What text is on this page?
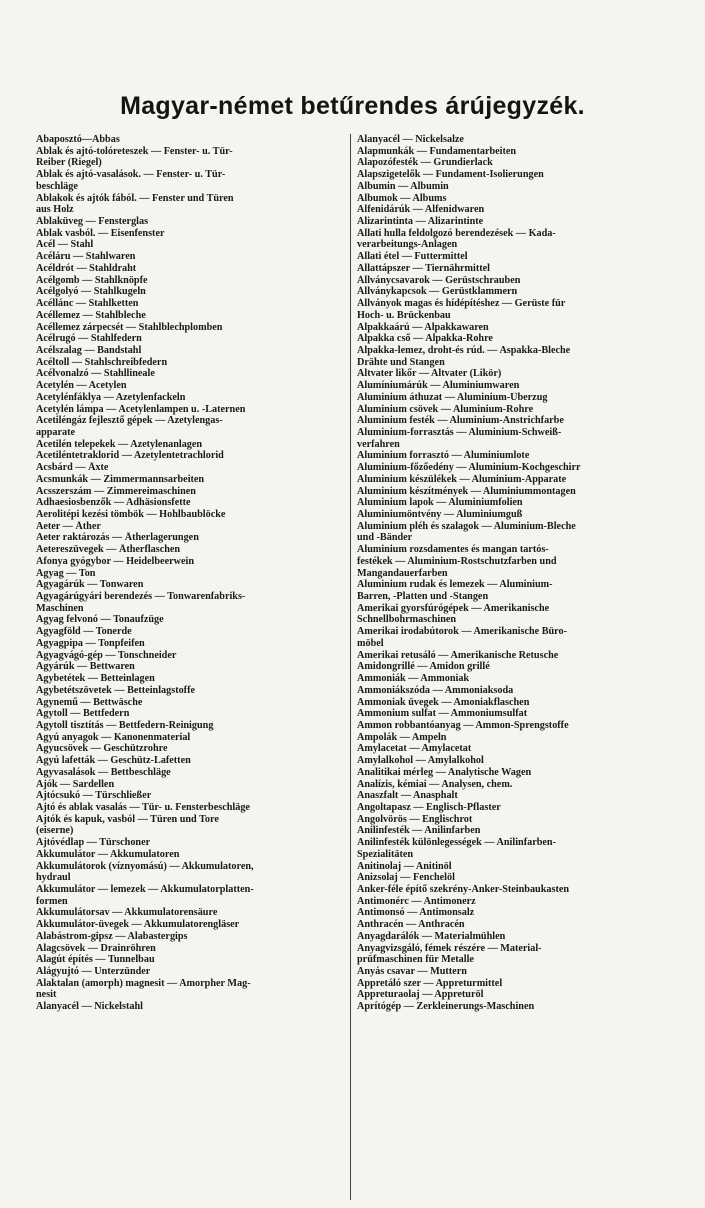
Magyar-német betűrendes árújegyzék.
Abaposztó—Abbas
Ablak és ajtó-tolóreteszek — Fenster- u. Tür-
Reiber (Riegel)
Ablak és ajtó-vasalások. — Fenster- u. Tür-
beschläge
Ablakok és ajtók fából. — Fenster und Türen
aus Holz
Ablaküveg — Fensterglas
Ablak vasból. — Eisenfenster
Acél — Stahl
Acéláru — Stahlwaren
Acéldrót — Stahldraht
Acélgomb — Stahlknöpfe
Acélgolyó — Stahlkugeln
Acéllánc — Stahlketten
Acéllemez — Stahlbleche
Acéllemez zárpecsét — Stahlblechplomben
Acélrugó — Stahlfedern
Acélszalag — Bandstahl
Acéltoll — Stahlschreibfedern
Acélvonalzó — Stahllineale
Acetylén — Acetylen
Acetylénfáklya — Azetylenfackeln
Acetylén lámpa — Acetylenlampen u. -Laternen
Acetiléngáz fejlesztő gépek — Azetylengas-
apparate
Acetilén telepekek — Azetylenanlagen
Acetiléntetraklorid — Azetylentetrachlorid
Acsbárd — Äxte
Acsmunkák — Zimmermannsarbeiten
Acsszerszám — Zimmereimaschinen
Adhaesiosbenzők — Adhäsionsfette
Aerolitépi kezési tömbök — Hohlbaublöcke
Aeter — Äther
Aeter raktározás — Ätherlagerungen
Aetereszüvegek — Ätherflaschen
Afonya gyógybor — Heidelbeerwein
Agyag — Ton
Agyagárúk — Tonwaren
Agyagárúgyári berendezés — Tonwarenfabriks-
Maschinen
Agyag felvonó — Tonaufzüge
Agyagföld — Tonerde
Agyagpipa — Tonpfeifen
Agyagvágó-gép — Tonschneider
Agyárúk — Bettwaren
Agybetétek — Betteinlagen
Agybetétszövetek — Betteinlagstoffe
Agynemű — Bettwäsche
Agytoll — Bettfedern
Agytoll tisztítás — Bettfedern-Reinigung
Agyú anyagok — Kanonenmaterial
Agyucsövek — Geschützrohre
Agyú lafetták — Geschütz-Lafetten
Agyvasalások — Bettbeschläge
Ajók — Sardellen
Ajtócsukó — Türschließer
Ajtó és ablak vasalás — Tür- u. Fensterbeschläge
Ajtók és kapuk, vasból — Türen und Tore
(eiserne)
Ajtóvédlap — Türschoner
Akkumulátor — Akkumulatoren
Akkumulátorok (víznyomású) — Akkumulatoren,
hydraul
Akkumulátor — lemezek — Akkumulatorplatten-
formen
Akkumulátorsav — Akkumulatorensäure
Akkumulátor-üvegek — Akkumulatorengläser
Alabástrom-gipsz — Alabastergips
Alagcsövek — Drainröhren
Alagút építés — Tunnelbau
Alágyujtó — Unterzünder
Alaktalan (amorph) magnesit — Amorpher Mag-
nesit
Alanyacél — Nickelstahl
Alanyacél — Nickelsalze
Alapmunkák — Fundamentarbeiten
Alapozófesték — Grundierlack
Alapszigetelők — Fundament-Isolierungen
Albumin — Albumin
Albumok — Albums
Alfenidárúk — Alfenidwaren
Alizarintinta — Alizarintinte
Allati hulla feldolgozó berendezések — Kada-
verarbeitungs-Anlagen
Allati étel — Futtermittel
Allattápszer — Tiernährmittel
Állványcsavarok — Gerüstschrauben
Állványkapcsok — Gerüstklammern
Állványok magas és hídépítéshez — Gerüste für
Hoch- u. Brückenbau
Alpakkaárú — Alpakkawaren
Alpakka cső — Alpakka-Rohre
Alpakka-lemez, droht-és rúd. — Aspakka-Bleche
Drähte und Stangen
Altvater likőr — Altvater (Likör)
Alumíniumárúk — Aluminiumwaren
Aluminium áthuzat — Aluminium-Überzug
Aluminium csövek — Aluminium-Rohre
Aluminium festék — Aluminium-Anstrichfarbe
Aluminium-forrasztás — Aluminium-Schweiß-
verfahren
Aluminium forrasztó — Aluminiumlote
Aluminium-főzőedény — Aluminium-Kochgeschirr
Aluminium készülékek — Aluminium-Apparate
Aluminium készítmények — Aluminiummontagen
Aluminium lapok — Aluminiumfolien
Aluminiumöntvény — Aluminiumguß
Aluminium pléh és szalagok — Aluminium-Bleche
und -Bänder
Aluminium rozsdamentes és mangan tartós-
festékek — Aluminium-Rostschutzfarben und
Mangandauerfarben
Aluminium rudak és lemezek — Aluminium-
Barren, -Platten und -Stangen
Amerikai gyorsfúrógépek — Amerikanische
Schnellbohrmaschinen
Amerikai irodabútorok — Amerikanische Büro-
möbel
Amerikai retusáló — Amerikanische Retusche
Amidongrillé — Amidon grillé
Ammoniák — Ammoniak
Ammoniákszóda — Ammoniaksoda
Ammoniak üvegek — Amoniakflaschen
Ammonium sulfat — Ammoniumsulfat
Ammon robbantóanyag — Ammon-Sprengstoffe
Ampolák — Ampeln
Amylacetat — Amylacetat
Amylalkohol — Amylalkohol
Analitikai mérleg — Analytische Wagen
Analízis, kémiai — Analysen, chem.
Anaszfalt — Anasphalt
Angoltapasz — Englisch-Pflaster
Angolvörös — Englischrot
Anilinfesték — Anilinfarben
Anilinfesték különlegességek — Anilinfarben-
Spezialitäten
Anitinolaj — Anitinöl
Ánizsolaj — Fenchelöl
Anker-féle építő szekrény-Anker-Steinbaukasten
Antimonérc — Antimonerz
Antimonsó — Antimonsalz
Anthracén — Anthracén
Anyagdarálók — Materialmühlen
Anyagvizsgáló, fémek részére — Material-
prüfmaschinen für Metalle
Anyás csavar — Muttern
Appretáló szer — Appreturmittel
Appreturaolaj — Appreturöl
Aprítógép — Zerkleinerungs-Maschinen
